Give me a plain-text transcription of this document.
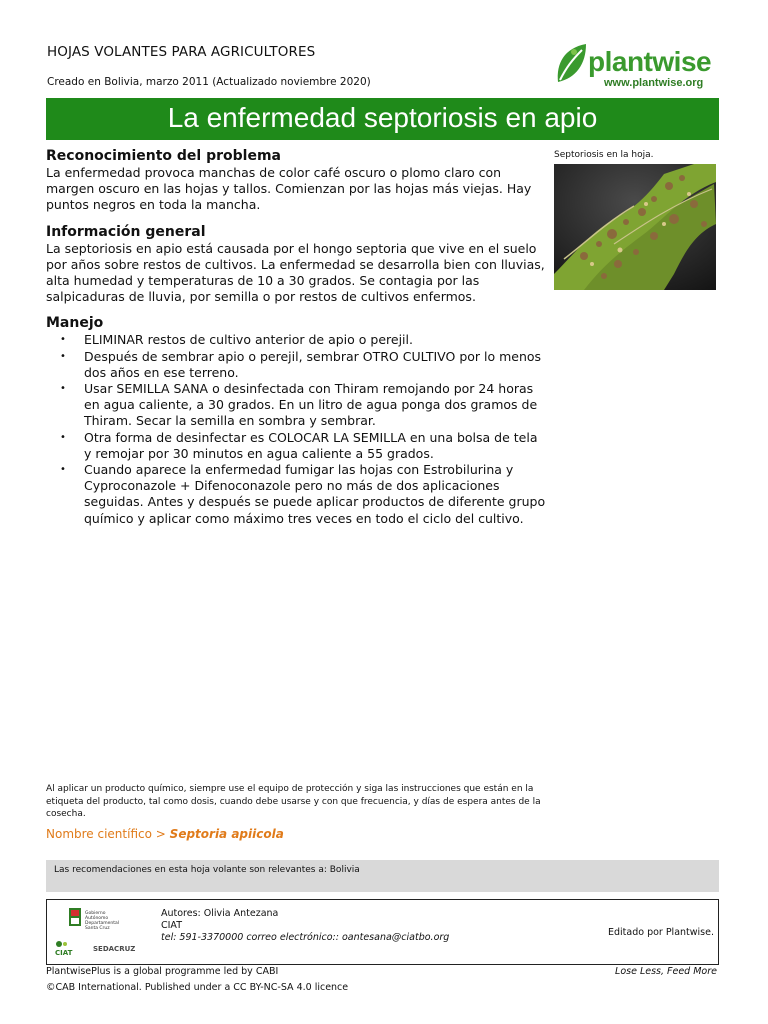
HOJAS VOLANTES PARA AGRICULTORES
Creado en Bolivia, marzo 2011 (Actualizado noviembre 2020)
plantwise
www.plantwise.org
La enfermedad septoriosis en apio
Reconocimiento del problema

La enfermedad provoca manchas de color café oscuro o plomo claro con margen oscuro en las hojas y tallos. Comienzan por las hojas más viejas. Hay puntos negros en toda la mancha.

Información general

La septoriosis en apio está causada por el hongo septoria que vive en el suelo por años sobre restos de cultivos. La enfermedad se desarrolla bien con lluvias, alta humedad y temperaturas de 10 a 30 grados. Se contagia por las salpicaduras de lluvia, por semilla o por restos de cultivos enfermos.

Manejo
• ELIMINAR restos de cultivo anterior de apio o perejil.
• Después de sembrar apio o perejil, sembrar OTRO CULTIVO por lo menos dos años en ese terreno.
• Usar SEMILLA SANA o desinfectada con Thiram remojando por 24 horas en agua caliente, a 30 grados. En un litro de agua ponga dos gramos de Thiram. Secar la semilla en sombra y sembrar.
• Otra forma de desinfectar es COLOCAR LA SEMILLA en una bolsa de tela y remojar por 30 minutos en agua caliente a 55 grados.
• Cuando aparece la enfermedad fumigar las hojas con Estrobilurina y Cyproconazole + Difenoconazole pero no más de dos aplicaciones seguidas. Antes y después se puede aplicar productos de diferente grupo químico y aplicar como máximo tres veces en todo el ciclo del cultivo.
Septoriosis en la hoja.
Al aplicar un producto químico, siempre use el equipo de protección y siga las instrucciones que están en la etiqueta del producto, tal como dosis, cuando debe usarse y con que frecuencia, y días de espera antes de la cosecha.
Nombre científico > Septoria apiicola
Las recomendaciones en esta hoja volante son relevantes a: Bolivia
Gobierno Autónomo Departamental Santa Cruz
CIAT	SEDACRUZ
Autores: Olivia Antezana
CIAT
tel: 591-3370000 correo electrónico:: oantesana@ciatbo.org	Editado por Plantwise.
PlantwisePlus is a global programme led by CABI
©CAB International. Published under a CC BY-NC-SA 4.0 licence
Lose Less, Feed More
